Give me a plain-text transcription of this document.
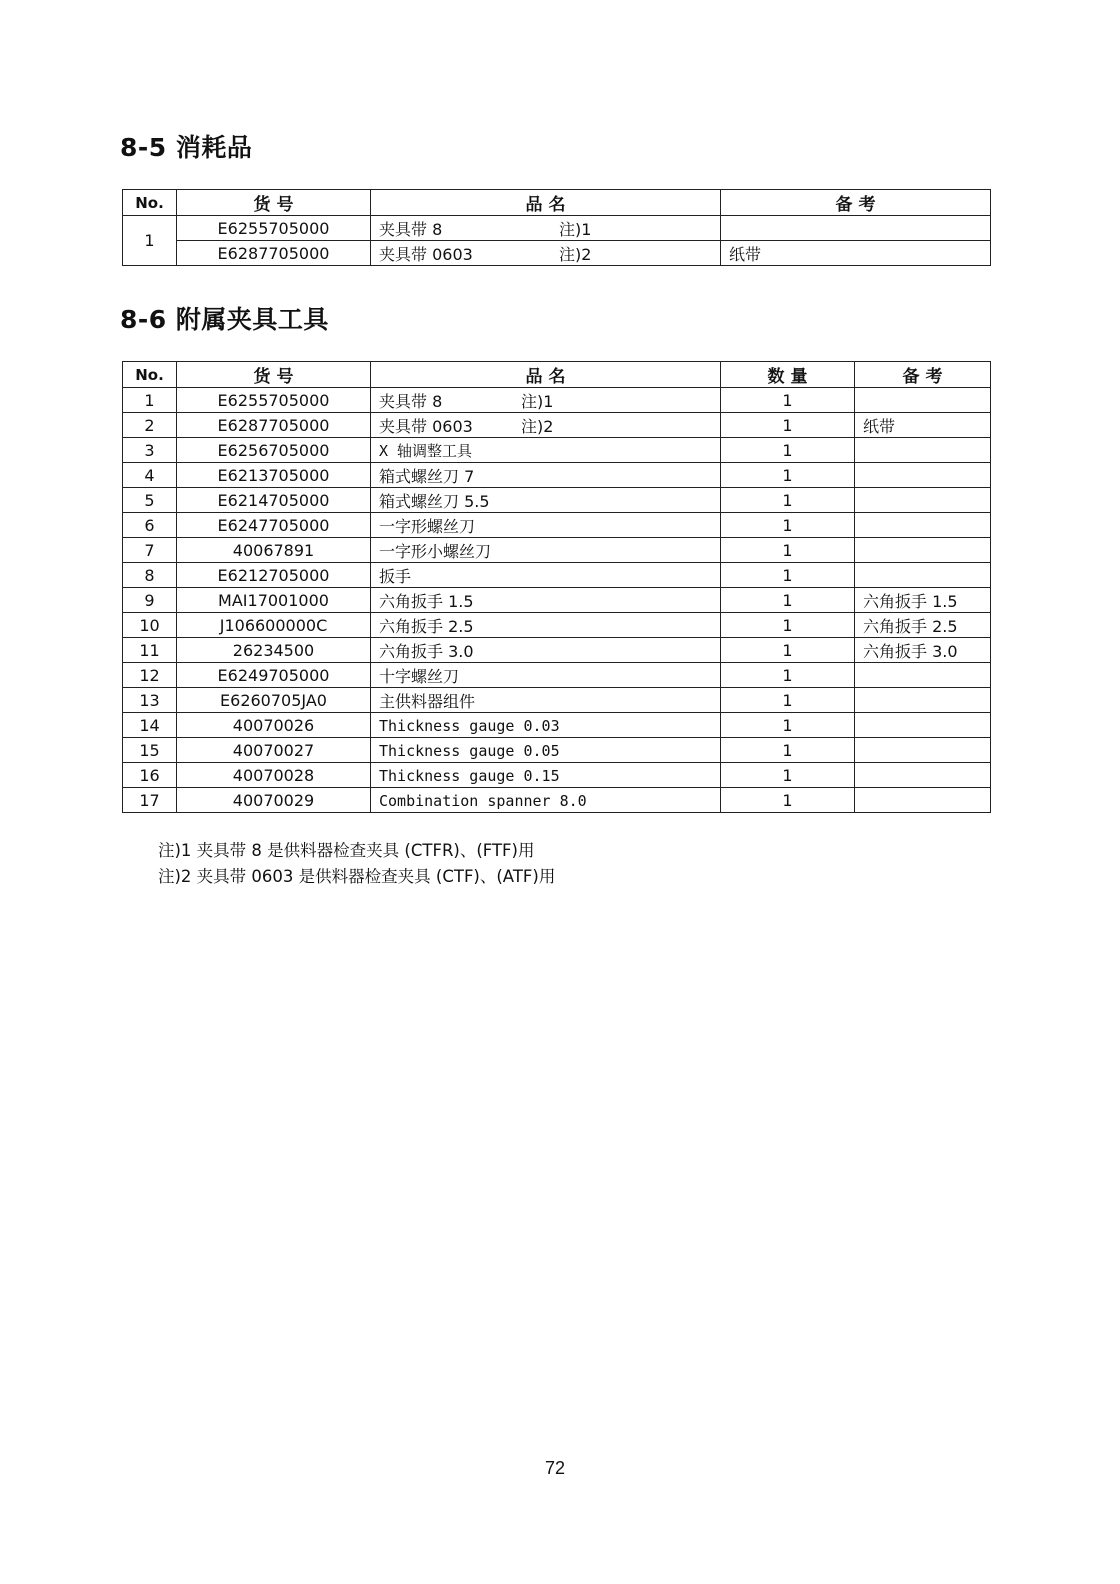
8-5 消耗品
No.	货 号	品 名	备 考
1	E6255705000	夹具带 8 注)1	
	E6287705000	夹具带 0603 注)2	纸带
8-6 附属夹具工具
No.	货 号	品 名	数 量	备 考
1	E6255705000	夹具带 8 注)1	1	
2	E6287705000	夹具带 0603 注)2	1	纸带
3	E6256705000	X 轴调整工具	1	
4	E6213705000	箱式螺丝刀 7	1	
5	E6214705000	箱式螺丝刀 5.5	1	
6	E6247705000	一字形螺丝刀	1	
7	40067891	一字形小螺丝刀	1	
8	E6212705000	扳手	1	
9	MAI17001000	六角扳手 1.5	1	六角扳手 1.5
10	J106600000C	六角扳手 2.5	1	六角扳手 2.5
11	26234500	六角扳手 3.0	1	六角扳手 3.0
12	E6249705000	十字螺丝刀	1	
13	E6260705JA0	主供料器组件	1	
14	40070026	Thickness gauge 0.03	1	
15	40070027	Thickness gauge 0.05	1	
16	40070028	Thickness gauge 0.15	1	
17	40070029	Combination spanner 8.0	1	

注)1 夹具带 8 是供料器检查夹具 (CTFR)、(FTF)用

注)2 夹具带 0603 是供料器检查夹具 (CTF)、(ATF)用

72
